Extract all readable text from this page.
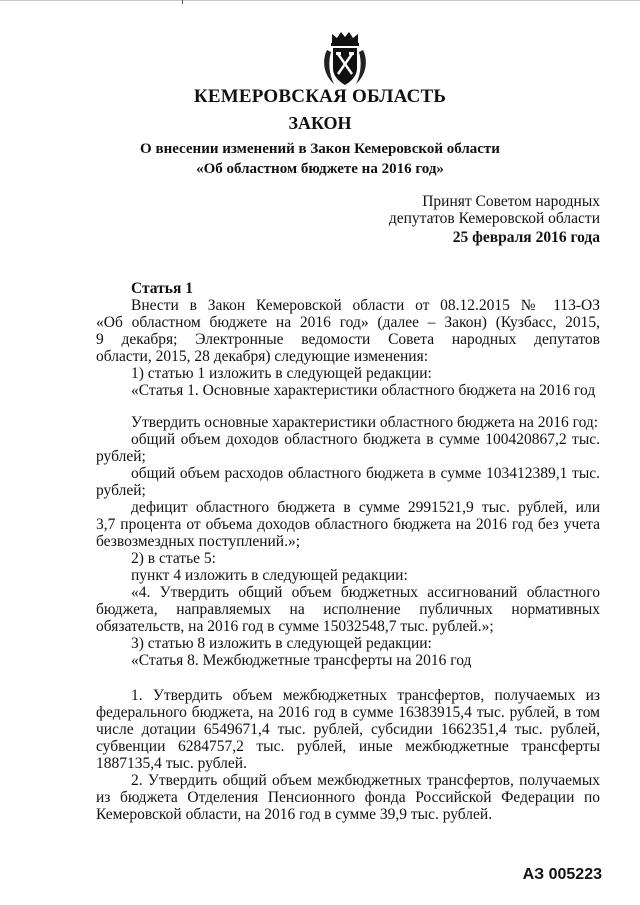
КЕМЕРОВСКАЯ ОБЛАСТЬ
ЗАКОН
О внесении изменений в Закон Кемеровской области
«Об областном бюджете на 2016 год»
Принят Советом народных
депутатов Кемеровской области
25 февраля 2016 года
Статья 1
Внести в Закон Кемеровской области от 08.12.2015 № 113-ОЗ
«Об областном бюджете на 2016 год» (далее – Закон) (Кузбасс, 2015,
9 декабря; Электронные ведомости Совета народных депутатов
области, 2015, 28 декабря) следующие изменения:
1) статью 1 изложить в следующей редакции:
«Статья 1. Основные характеристики областного бюджета на 2016 год
Утвердить основные характеристики областного бюджета на 2016 год:
общий объем доходов областного бюджета в сумме 100420867,2 тыс.
рублей;
общий объем расходов областного бюджета в сумме 103412389,1 тыс.
рублей;
дефицит областного бюджета в сумме 2991521,9 тыс. рублей, или
3,7 процента от объема доходов областного бюджета на 2016 год без учета
безвозмездных поступлений.»;
2) в статье 5:
пункт 4 изложить в следующей редакции:
«4. Утвердить общий объем бюджетных ассигнований областного
бюджета, направляемых на исполнение публичных нормативных
обязательств, на 2016 год в сумме 15032548,7 тыс. рублей.»;
3) статью 8 изложить в следующей редакции:
«Статья 8. Межбюджетные трансферты на 2016 год
1. Утвердить объем межбюджетных трансфертов, получаемых из
федерального бюджета, на 2016 год в сумме 16383915,4 тыс. рублей, в том
числе дотации 6549671,4 тыс. рублей, субсидии 1662351,4 тыс. рублей,
субвенции 6284757,2 тыс. рублей, иные межбюджетные трансферты
1887135,4 тыс. рублей.
2. Утвердить общий объем межбюджетных трансфертов, получаемых
из бюджета Отделения Пенсионного фонда Российской Федерации по
Кемеровской области, на 2016 год в сумме 39,9 тыс. рублей.
АЗ 005223
